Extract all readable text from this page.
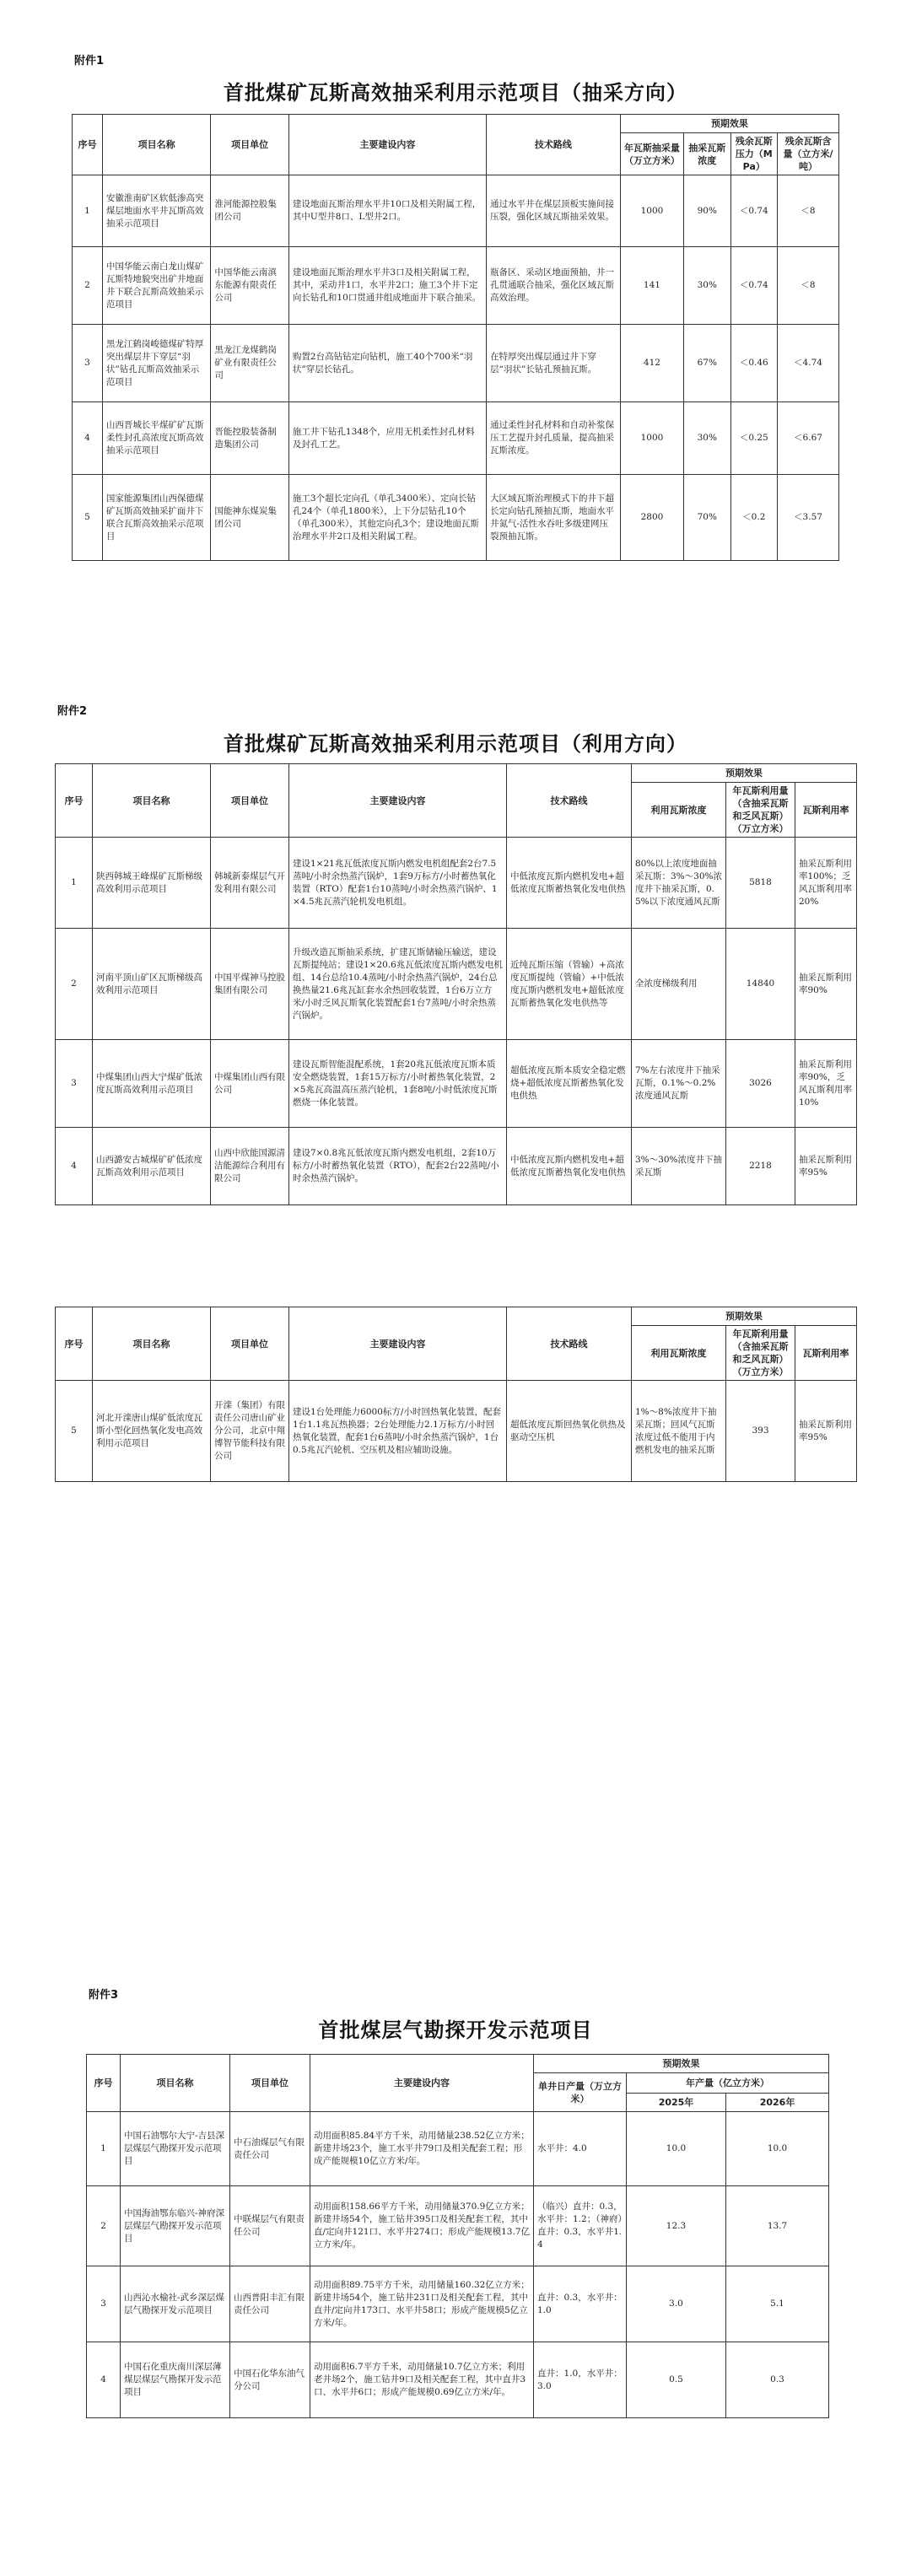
附件1
首批煤矿瓦斯高效抽采利用示范项目（抽采方向）
序号	项目名称	项目单位	主要建设内容	技术路线	预期效果			
					年瓦斯抽采量（万立方米）	抽采瓦斯浓度	残余瓦斯压力（MPa）	残余瓦斯含量（立方米/吨）
1	安徽淮南矿区软低渗高突煤层地面水平井瓦斯高效抽采示范项目	淮河能源控股集团公司	建设地面瓦斯治理水平井10口及相关附属工程，其中U型井8口、L型井2口。	通过水平井在煤层顶板实施间接压裂，强化区域瓦斯抽采效果。	1000	90%	＜0.74	＜8
2	中国华能云南白龙山煤矿瓦斯特地貌突出矿井地面井下联合瓦斯高效抽采示范项目	中国华能云南滇东能源有限责任公司	建设地面瓦斯治理水平井3口及相关附属工程，其中，采动井1口，水平井2口；施工3个井下定向长钻孔和10口贯通井组成地面井下联合抽采。	瓶备区、采动区地面预抽，井一孔贯通联合抽采，强化区域瓦斯高效治理。	141	30%	＜0.74	＜8
3	黑龙江鹤岗峻德煤矿特厚突出煤层井下穿层“羽状”钻孔瓦斯高效抽采示范项目	黑龙江龙煤鹤岗矿业有限责任公司	购置2台高钻钻定向钻机，施工40个700米“羽状”穿层长钻孔。	在特厚突出煤层通过井下穿层“羽状”长钻孔预抽瓦斯。	412	67%	＜0.46	＜4.74
4	山西晋城长平煤矿矿瓦斯柔性封孔高浓度瓦斯高效抽采示范项目	晋能控股装备制造集团公司	施工井下钻孔1348个，应用无机柔性封孔材料及封孔工艺。	通过柔性封孔材料和自动补浆保压工艺提升封孔质量，提高抽采瓦斯浓度。	1000	30%	＜0.25	＜6.67
5	国家能源集团山西保德煤矿瓦斯高效抽采扩面井下联合瓦斯高效抽采示范项目	国能神东煤炭集团公司	施工3个超长定向孔（单孔3400米）、定向长钻孔24个（单孔1800米），上下分层钻孔10个（单孔300米），其他定向孔3个；建设地面瓦斯治理水平井2口及相关附属工程。	大区域瓦斯治理模式下的井下超长定向钻孔预抽瓦斯，地面水平井氮气-活性水吞吐多级建网压裂预抽瓦斯。	2800	70%	＜0.2	＜3.57
附件2
首批煤矿瓦斯高效抽采利用示范项目（利用方向）
序号	项目名称	项目单位	主要建设内容	技术路线	预期效果		
					利用瓦斯浓度	年瓦斯利用量（含抽采瓦斯和乏风瓦斯）（万立方米）	瓦斯利用率
1	陕西韩城王峰煤矿瓦斯梯级高效利用示范项目	韩城新泰煤层气开发利用有限公司	建设1×21兆瓦低浓度瓦斯内燃发电机组配套2台7.5蒸吨/小时余热蒸汽锅炉，1套9万标方/小时蓄热氧化装置（RTO）配套1台10蒸吨/小时余热蒸汽锅炉、1×4.5兆瓦蒸汽轮机发电机组。	中低浓度瓦斯内燃机发电+超低浓度瓦斯蓄热氧化发电供热	80%以上浓度地面抽采瓦斯：3%～30%浓度井下抽采瓦斯，0.5%以下浓度通风瓦斯	5818	抽采瓦斯利用率100%；乏风瓦斯利用率20%
2	河南平顶山矿区瓦斯梯级高效利用示范项目	中国平煤神马控股集团有限公司	升级改造瓦斯抽采系统，扩建瓦斯储输压输送，建设瓦斯提纯站；建设1×20.6兆瓦低浓度瓦斯内燃发电机组、14台总给10.4蒸吨/小时余热蒸汽锅炉，24台总换热量21.6兆瓦缸套水余热回收装置，1台6万立方米/小时乏风瓦斯氧化装置配套1台7蒸吨/小时余热蒸汽锅炉。	近纯瓦斯压缩（管输）+高浓度瓦斯提纯（管输）+中低浓度瓦斯内燃机发电+超低浓度瓦斯蓄热氧化发电供热等	全浓度梯级利用	14840	抽采瓦斯利用率90%
3	中煤集团山西大宁煤矿低浓度瓦斯高效利用示范项目	中煤集团山西有限公司	建设瓦斯智能混配系统，1套20兆瓦低浓度瓦斯本质安全燃烧装置，1套15万标方/小时蓄热氧化装置，2×5兆瓦高温高压蒸汽轮机，1套8吨/小时低浓度瓦斯燃烧一体化装置。	超低浓度瓦斯本质安全稳定燃烧+超低浓度瓦斯蓄热氧化发电供热	7%左右浓度井下抽采瓦斯，0.1%～0.2%浓度通风瓦斯	3026	抽采瓦斯利用率90%，乏风瓦斯利用率10%
4	山西潞安古城煤矿矿低浓度瓦斯高效利用示范项目	山西中欣能国源清洁能源综合利用有限公司	建设7×0.8兆瓦低浓度瓦斯内燃发电机组，2套10万标方/小时蓄热氧化装置（RTO），配套2台22蒸吨/小时余热蒸汽锅炉。	中低浓度瓦斯内燃机发电+超低浓度瓦斯蓄热氧化发电供热	3%～30%浓度井下抽采瓦斯	2218	抽采瓦斯利用率95%
序号	项目名称	项目单位	主要建设内容	技术路线	预期效果		
					利用瓦斯浓度	年瓦斯利用量（含抽采瓦斯和乏风瓦斯）（万立方米）	瓦斯利用率
5	河北开滦唐山煤矿低浓度瓦斯小型化回热氧化发电高效利用示范项目	开滦（集团）有限责任公司唐山矿业分公司，北京中翔博智节能科技有限公司	建设1台处理能力6000标方/小时回热氧化装置，配套1台1.1兆瓦热换器；2台处理能力2.1万标方/小时回热氧化装置，配套1台6蒸吨/小时余热蒸汽锅炉，1台0.5兆瓦汽轮机、空压机及相应辅助设施。	超低浓度瓦斯回热氧化供热及驱动空压机	1%～8%浓度井下抽采瓦斯；回风气瓦斯浓度过低不能用于内燃机发电的抽采瓦斯	393	抽采瓦斯利用率95%
附件3
首批煤层气勘探开发示范项目
序号	项目名称	项目单位	主要建设内容	预期效果		
				单井日产量（万立方米）	年产量（亿立方米）	
					2025年	2026年
1	中国石油鄂尔大宁-吉县深层煤层气勘探开发示范项目	中石油煤层气有限责任公司	动用面积85.84平方千米，动用储量238.52亿立方米；新建井场23个，施工水平井79口及相关配套工程；形成产能规模10亿立方米/年。	水平井：4.0	10.0	10.0
2	中国海油鄂东临兴-神府深层煤层气勘探开发示范项目	中联煤层气有限责任公司	动用面积158.66平方千米，动用储量370.9亿立方米；新建井场54个，施工钻井395口及相关配套工程，其中直/定向井121口、水平井274口；形成产能规模13.7亿立方米/年。	（临兴）直井：0.3，水平井：1.2；（神府）直井：0.3，水平井1.4	12.3	13.7
3	山西沁水榆社-武乡深层煤层气勘探开发示范项目	山西普阳丰汇有限责任公司	动用面积89.75平方千米，动用储量160.32亿立方米；新建井场54个，施工钻井231口及相关配套工程，其中直井/定向井173口、水平井58口；形成产能规模5亿立方米/年。	直井：0.3，水平井：1.0	3.0	5.1
4	中国石化重庆南川深层薄煤层煤层气勘探开发示范项目	中国石化华东油气分公司	动用面积6.7平方千米，动用储量10.7亿立方米；利用老井场2个，施工钻井9口及相关配套工程，其中直井3口、水平井6口；形成产能规模0.69亿立方米/年。	直井：1.0，水平井：3.0	0.5	0.3
